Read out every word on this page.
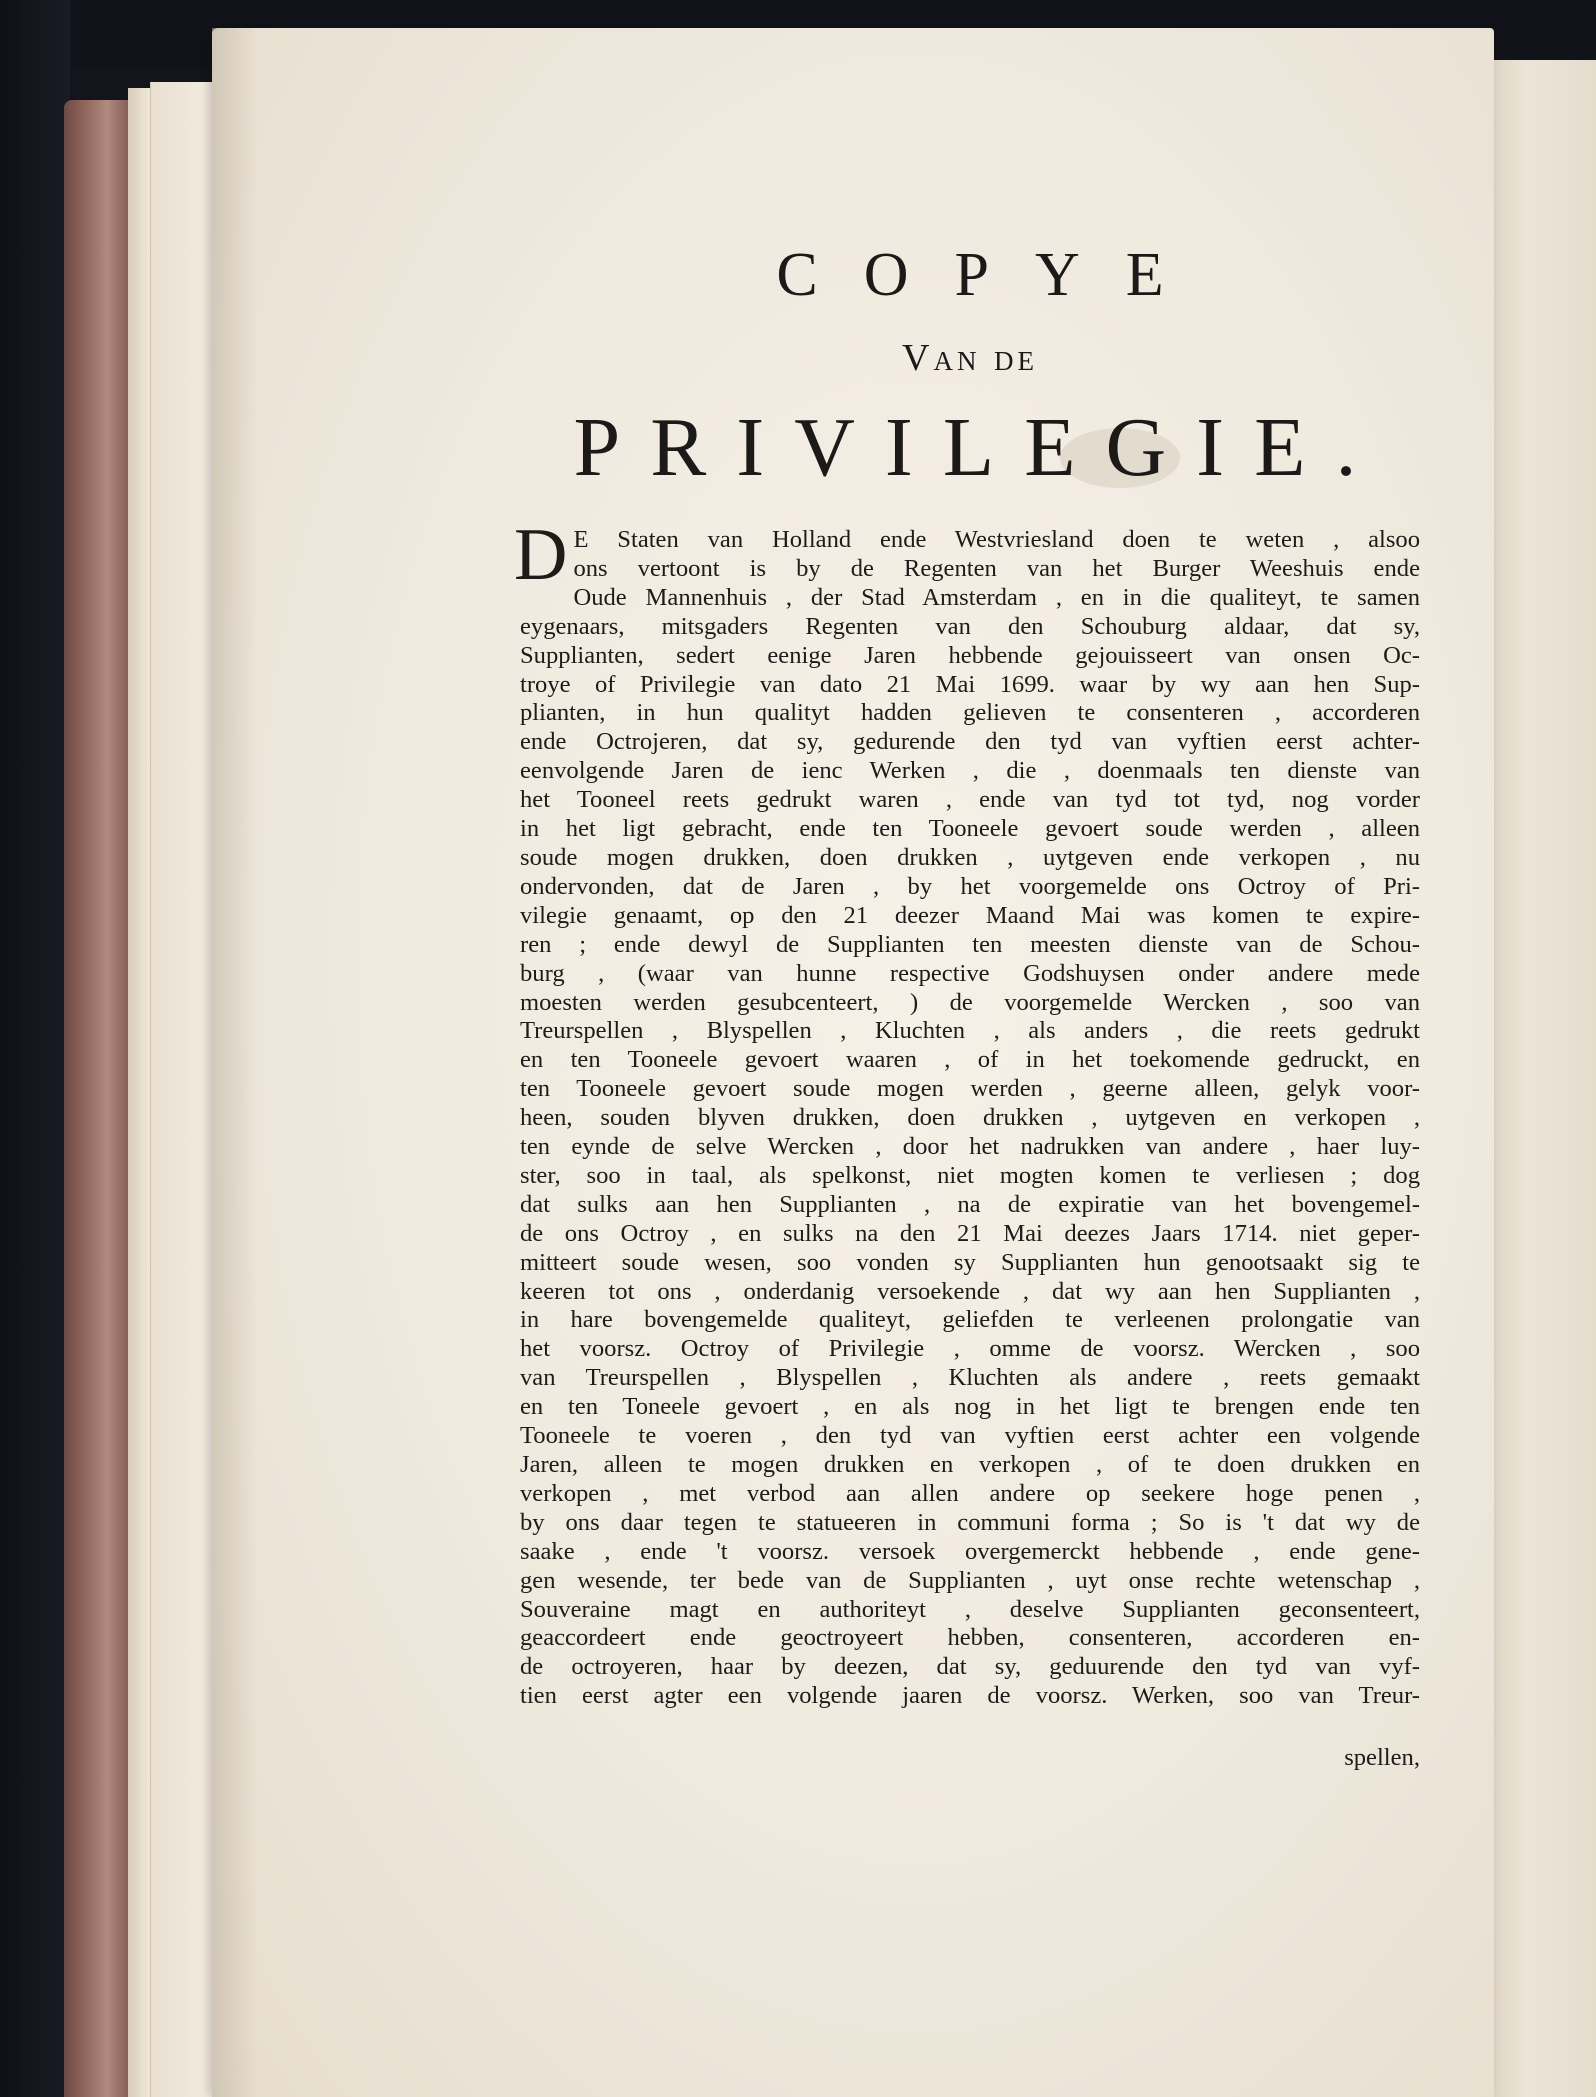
COPYE

Van de

PRIVILEGIE.

D E Staten van Holland ende Westvriesland doen te weten , alsoo
ons vertoont is by de Regenten van het Burger Weeshuis ende
Oude Mannenhuis , der Stad Amsterdam , en in die qualiteyt, te samen
eygenaars, mitsgaders Regenten van den Schouburg aldaar, dat sy,
Supplianten, sedert eenige Jaren hebbende gejouisseert van onsen Oc-
troye of Privilegie van dato 21 Mai 1699. waar by wy aan hen Sup-
plianten, in hun qualityt hadden gelieven te consenteren , accorderen
ende Octrojeren, dat sy, gedurende den tyd van vyftien eerst achter-
eenvolgende Jaren de ienc Werken , die , doenmaals ten dienste van
het Tooneel reets gedrukt waren , ende van tyd tot tyd, nog vorder
in het ligt gebracht, ende ten Tooneele gevoert soude werden , alleen
soude mogen drukken, doen drukken , uytgeven ende verkopen , nu
ondervonden, dat de Jaren , by het voorgemelde ons Octroy of Pri-
vilegie genaamt, op den 21 deezer Maand Mai was komen te expire-
ren ; ende dewyl de Supplianten ten meesten dienste van de Schou-
burg , (waar van hunne respective Godshuysen onder andere mede
moesten werden gesubcenteert, ) de voorgemelde Wercken , soo van
Treurspellen , Blyspellen , Kluchten , als anders , die reets gedrukt
en ten Tooneele gevoert waaren , of in het toekomende gedruckt, en
ten Tooneele gevoert soude mogen werden , geerne alleen, gelyk voor-
heen, souden blyven drukken, doen drukken , uytgeven en verkopen ,
ten eynde de selve Wercken , door het nadrukken van andere , haer luy-
ster, soo in taal, als spelkonst, niet mogten komen te verliesen ; dog
dat sulks aan hen Supplianten , na de expiratie van het bovengemel-
de ons Octroy , en sulks na den 21 Mai deezes Jaars 1714. niet geper-
mitteert soude wesen, soo vonden sy Supplianten hun genootsaakt sig te
keeren tot ons , onderdanig versoekende , dat wy aan hen Supplianten ,
in hare bovengemelde qualiteyt, geliefden te verleenen prolongatie van
het voorsz. Octroy of Privilegie , omme de voorsz. Wercken , soo
van Treurspellen , Blyspellen , Kluchten als andere , reets gemaakt
en ten Toneele gevoert , en als nog in het ligt te brengen ende ten
Tooneele te voeren , den tyd van vyftien eerst achter een volgende
Jaren, alleen te mogen drukken en verkopen , of te doen drukken en
verkopen , met verbod aan allen andere op seekere hoge penen ,
by ons daar tegen te statueeren in communi forma ; So is 't dat wy de
saake , ende 't voorsz. versoek overgemerckt hebbende , ende gene-
gen wesende, ter bede van de Supplianten , uyt onse rechte wetenschap ,
Souveraine magt en authoriteyt , deselve Supplianten geconsenteert,
geaccordeert ende geoctroyeert hebben, consenteren, accorderen en-
de octroyeren, haar by deezen, dat sy, geduurende den tyd van vyf-
tien eerst agter een volgende jaaren de voorsz. Werken, soo van Treur-
spellen,
